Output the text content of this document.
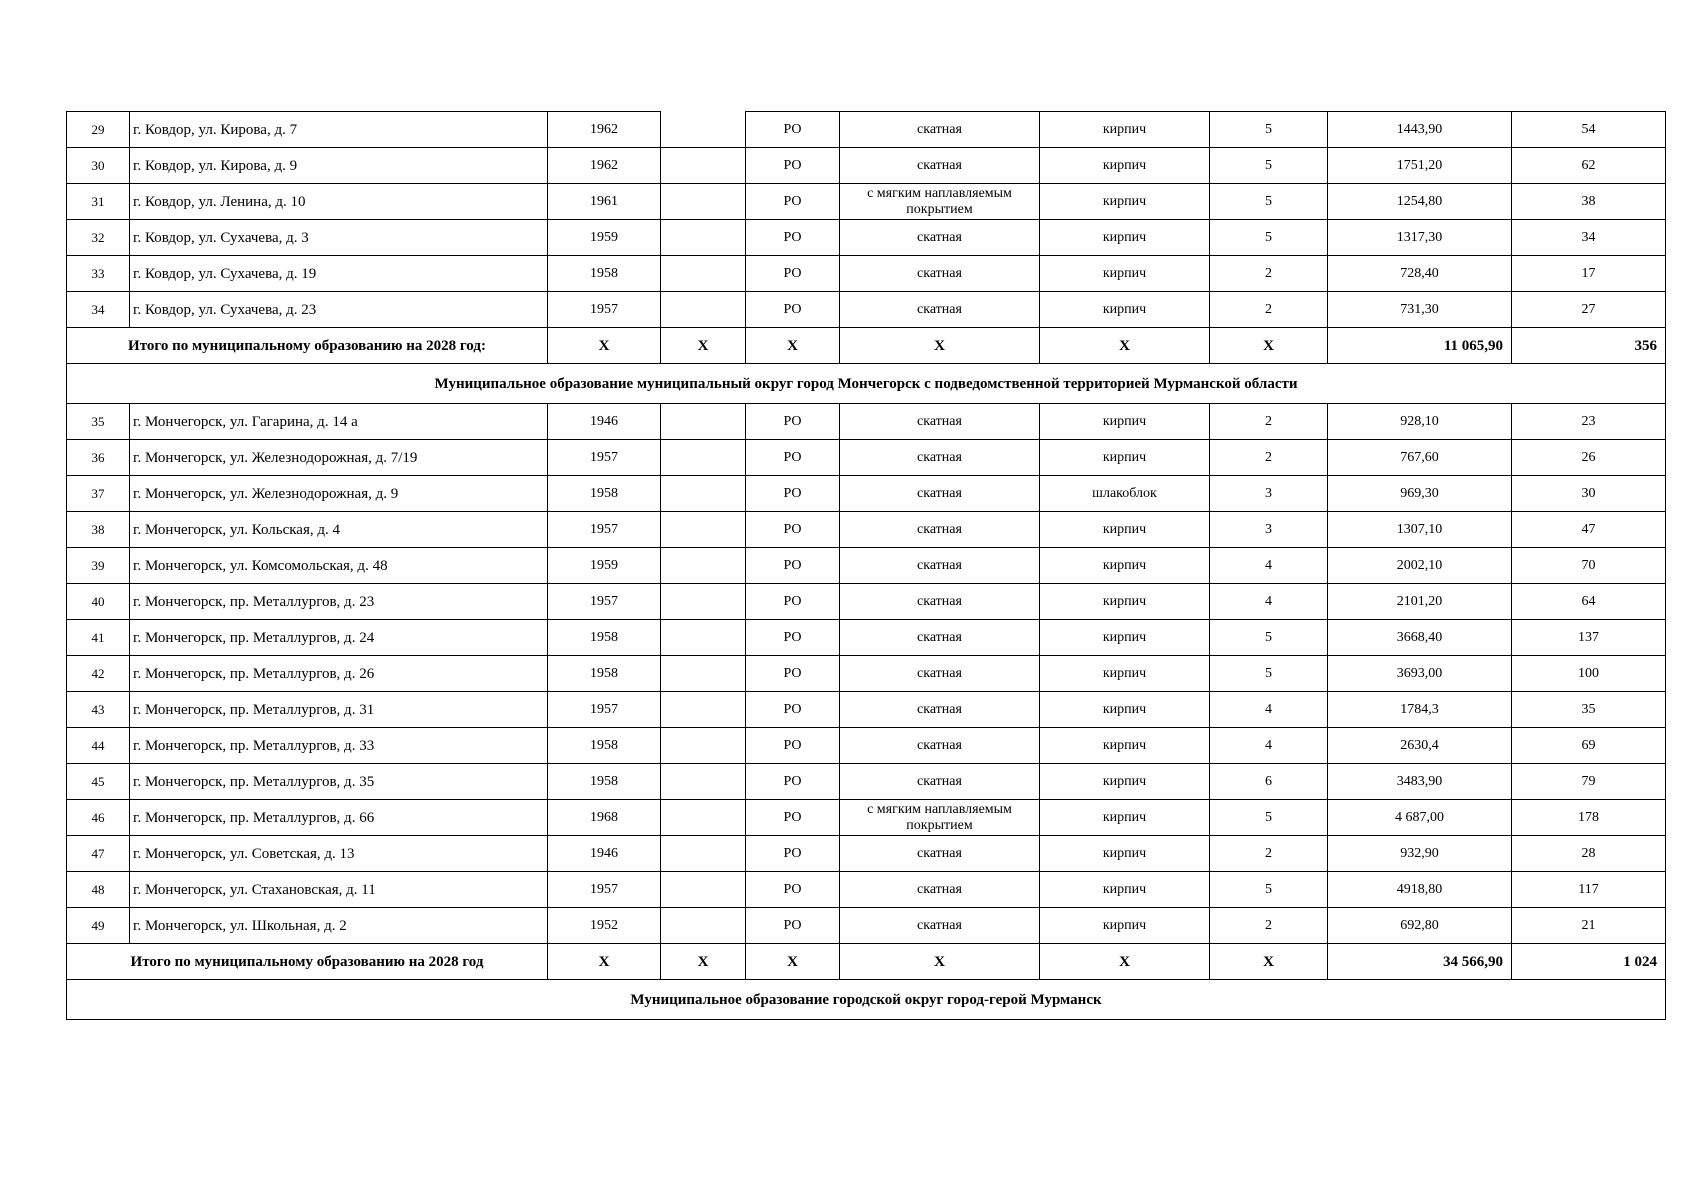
29	г. Ковдор, ул. Кирова, д. 7	1962		РО	скатная	кирпич	5	1443,90	54
30	г. Ковдор, ул. Кирова, д. 9	1962		РО	скатная	кирпич	5	1751,20	62
31	г. Ковдор, ул. Ленина, д. 10	1961		РО	с мягким наплавляемым покрытием	кирпич	5	1254,80	38
32	г. Ковдор, ул. Сухачева, д. 3	1959		РО	скатная	кирпич	5	1317,30	34
33	г. Ковдор, ул. Сухачева, д. 19	1958		РО	скатная	кирпич	2	728,40	17
34	г. Ковдор, ул. Сухачева, д. 23	1957		РО	скатная	кирпич	2	731,30	27
Итого по муниципальному образованию на 2028 год:		X	X	X	X	X	X	11 065,90	356
Муниципальное образование муниципальный округ город Мончегорск с подведомственной территорией Мурманской области									
35	г. Мончегорск, ул. Гагарина, д. 14 а	1946		РО	скатная	кирпич	2	928,10	23
36	г. Мончегорск, ул. Железнодорожная, д. 7/19	1957		РО	скатная	кирпич	2	767,60	26
37	г. Мончегорск, ул. Железнодорожная, д. 9	1958		РО	скатная	шлакоблок	3	969,30	30
38	г. Мончегорск, ул. Кольская, д. 4	1957		РО	скатная	кирпич	3	1307,10	47
39	г. Мончегорск, ул. Комсомольская, д. 48	1959		РО	скатная	кирпич	4	2002,10	70
40	г. Мончегорск, пр. Металлургов, д. 23	1957		РО	скатная	кирпич	4	2101,20	64
41	г. Мончегорск, пр. Металлургов, д. 24	1958		РО	скатная	кирпич	5	3668,40	137
42	г. Мончегорск, пр. Металлургов, д. 26	1958		РО	скатная	кирпич	5	3693,00	100
43	г. Мончегорск, пр. Металлургов, д. 31	1957		РО	скатная	кирпич	4	1784,3	35
44	г. Мончегорск, пр. Металлургов, д. 33	1958		РО	скатная	кирпич	4	2630,4	69
45	г. Мончегорск, пр. Металлургов, д. 35	1958		РО	скатная	кирпич	6	3483,90	79
46	г. Мончегорск, пр. Металлургов, д. 66	1968		РО	с мягким наплавляемым покрытием	кирпич	5	4 687,00	178
47	г. Мончегорск, ул. Советская, д. 13	1946		РО	скатная	кирпич	2	932,90	28
48	г. Мончегорск, ул. Стахановская, д. 11	1957		РО	скатная	кирпич	5	4918,80	117
49	г. Мончегорск, ул. Школьная, д. 2	1952		РО	скатная	кирпич	2	692,80	21
Итого по муниципальному образованию на 2028 год		X	X	X	X	X	X	34 566,90	1 024
Муниципальное образование городской округ город-герой Мурманск									
